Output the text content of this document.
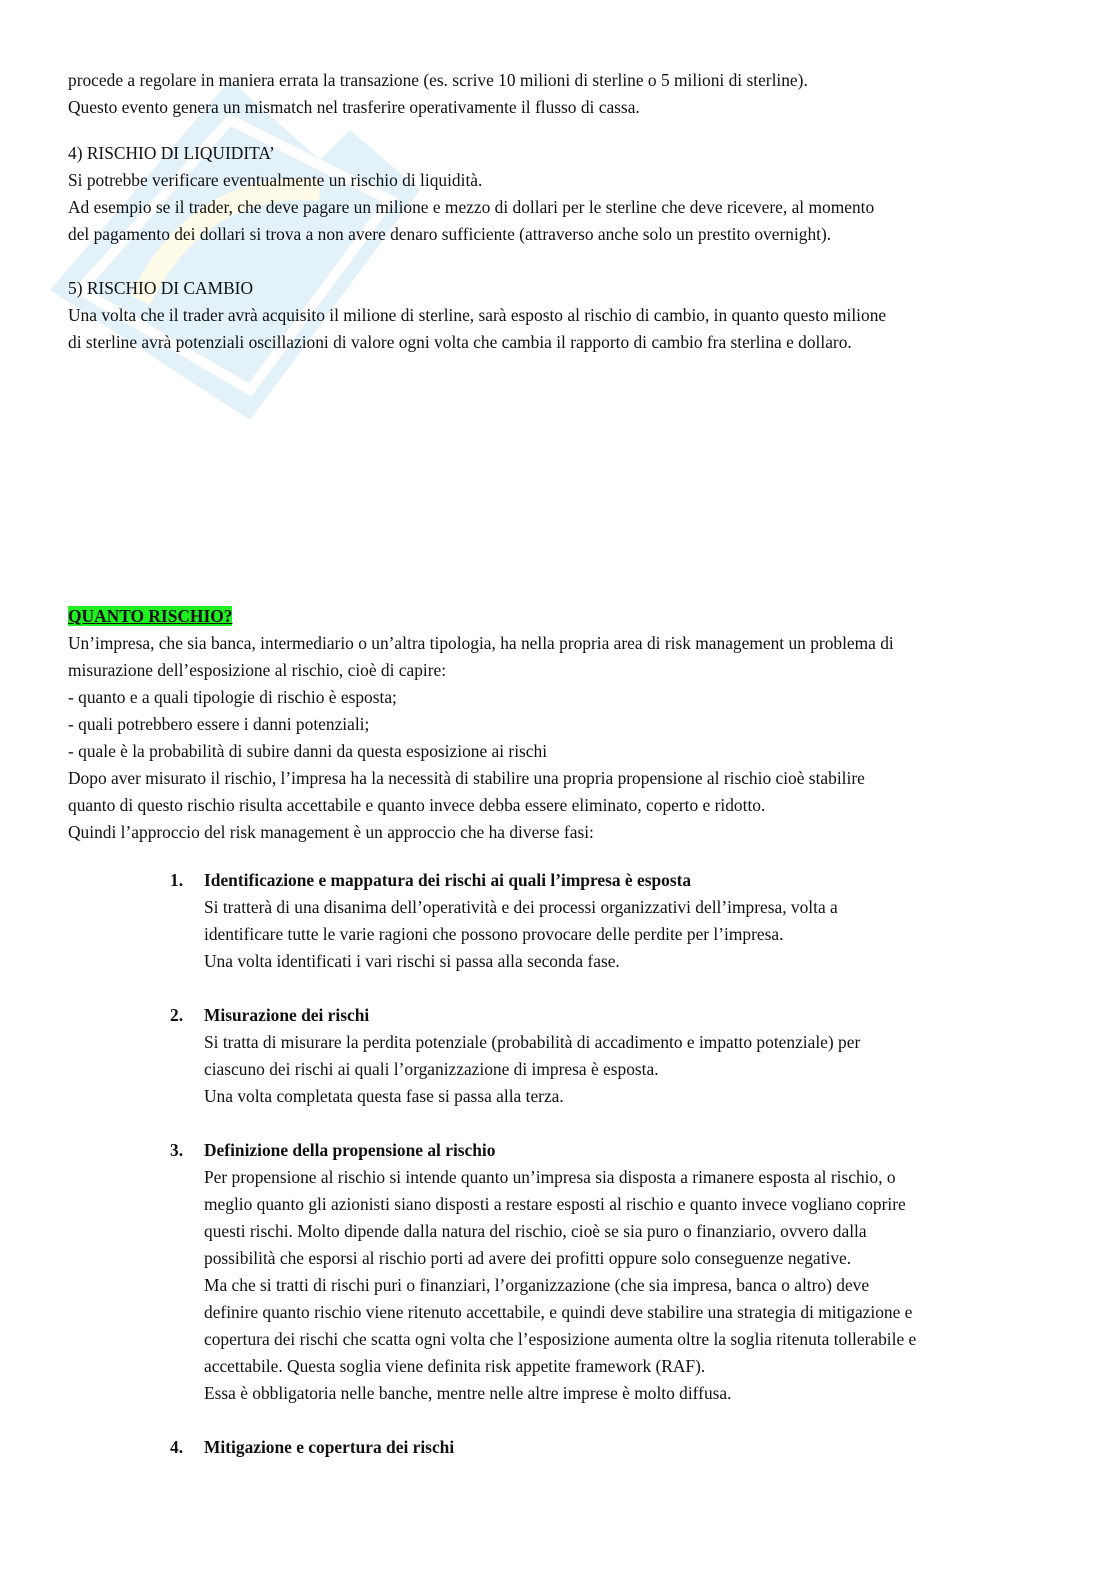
procede a regolare in maniera errata la transazione (es. scrive 10 milioni di sterline o 5 milioni di sterline).
Questo evento genera un mismatch nel trasferire operativamente il flusso di cassa.
4) RISCHIO DI LIQUIDITA’
Si potrebbe verificare eventualmente un rischio di liquidità.
Ad esempio se il trader, che deve pagare un milione e mezzo di dollari per le sterline che deve ricevere, al momento
del pagamento dei dollari si trova a non avere denaro sufficiente (attraverso anche solo un prestito overnight).
5) RISCHIO DI CAMBIO
Una volta che il trader avrà acquisito il milione di sterline, sarà esposto al rischio di cambio, in quanto questo milione
di sterline avrà potenziali oscillazioni di valore ogni volta che cambia il rapporto di cambio fra sterlina e dollaro.
QUANTO RISCHIO?
Un’impresa, che sia banca, intermediario o un’altra tipologia, ha nella propria area di risk management un problema di
misurazione dell’esposizione al rischio, cioè di capire:
- quanto e a quali tipologie di rischio è esposta;
- quali potrebbero essere i danni potenziali;
- quale è la probabilità di subire danni da questa esposizione ai rischi
Dopo aver misurato il rischio, l’impresa ha la necessità di stabilire una propria propensione al rischio cioè stabilire
quanto di questo rischio risulta accettabile e quanto invece debba essere eliminato, coperto e ridotto.
Quindi l’approccio del risk management è un approccio che ha diverse fasi:
1.	Identificazione e mappatura dei rischi ai quali l’impresa è esposta
Si tratterà di una disanima dell’operatività e dei processi organizzativi dell’impresa, volta a
identificare tutte le varie ragioni che possono provocare delle perdite per l’impresa.
Una volta identificati i vari rischi si passa alla seconda fase.
2.	Misurazione dei rischi
Si tratta di misurare la perdita potenziale (probabilità di accadimento e impatto potenziale) per
ciascuno dei rischi ai quali l’organizzazione di impresa è esposta.
Una volta completata questa fase si passa alla terza.
3.	Definizione della propensione al rischio
Per propensione al rischio si intende quanto un’impresa sia disposta a rimanere esposta al rischio, o
meglio quanto gli azionisti siano disposti a restare esposti al rischio e quanto invece vogliano coprire
questi rischi. Molto dipende dalla natura del rischio, cioè se sia puro o finanziario, ovvero dalla
possibilità che esporsi al rischio porti ad avere dei profitti oppure solo conseguenze negative.
Ma che si tratti di rischi puri o finanziari, l’organizzazione (che sia impresa, banca o altro) deve
definire quanto rischio viene ritenuto accettabile, e quindi deve stabilire una strategia di mitigazione e
copertura dei rischi che scatta ogni volta che l’esposizione aumenta oltre la soglia ritenuta tollerabile e
accettabile. Questa soglia viene definita risk appetite framework (RAF).
Essa è obbligatoria nelle banche, mentre nelle altre imprese è molto diffusa.
4.	Mitigazione e copertura dei rischi
